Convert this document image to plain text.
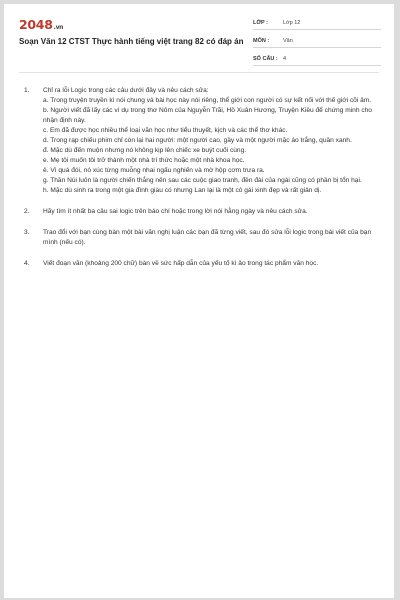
2048.vn
Soạn Văn 12 CTST Thực hành tiếng việt trang 82 có đáp án
LỚP :	Lớp 12
MÔN :	Văn
SỐ CÂU : 4
1.	Chỉ ra lỗi Logic trong các câu dưới đây và nêu cách sửa:
a. Trong truyện truyền kì nói chung và bài học này nói riêng, thể giới con người có sự kết nối với thế giới cõi âm.
b. Người viết đã lấy các ví dụ trong thơ Nôm của Nguyễn Trãi, Hồ Xuân Hương, Truyện Kiều để chứng minh cho nhận định này.
c. Em đã được học nhiều thể loại văn học như tiểu thuyết, kịch và các thể thơ khác.
d. Trong rạp chiếu phim chỉ còn lại hai người: một người cao, gầy và một người mặc áo trắng, quần xanh.
đ. Mặc dù đến muộn nhưng nó không kịp lên chiếc xe buýt cuối cùng.
e. Mẹ tôi muốn tôi trở thành một nhà trí thức hoặc một nhà khoa học.
ê. Vì quá đói, nó xúc từng muỗng nhai ngấu nghiến và mờ hộp cơm trưa ra.
g. Thần Núi luôn là người chiến thắng nên sau các cuộc giao tranh, đền đài của ngài cũng có phần bị tổn hại.
h. Mặc dù sinh ra trong một gia đình giàu có nhưng Lan lại là một cô gái xinh đẹp và rất giản dị.
2.	Hãy tìm ít nhất ba câu sai logic trên báo chí hoặc trong lời nói hằng ngày và nêu cách sửa.
3.	Trao đổi với bạn cùng bàn một bài văn nghị luận các bạn đã từng viết, sau đó sửa lỗi logic trong bài viết của bạn mình (nếu có).
4.	Viết đoạn văn (khoảng 200 chữ) bàn về sức hấp dẫn của yếu tố kì ảo trong tác phẩm văn học.
